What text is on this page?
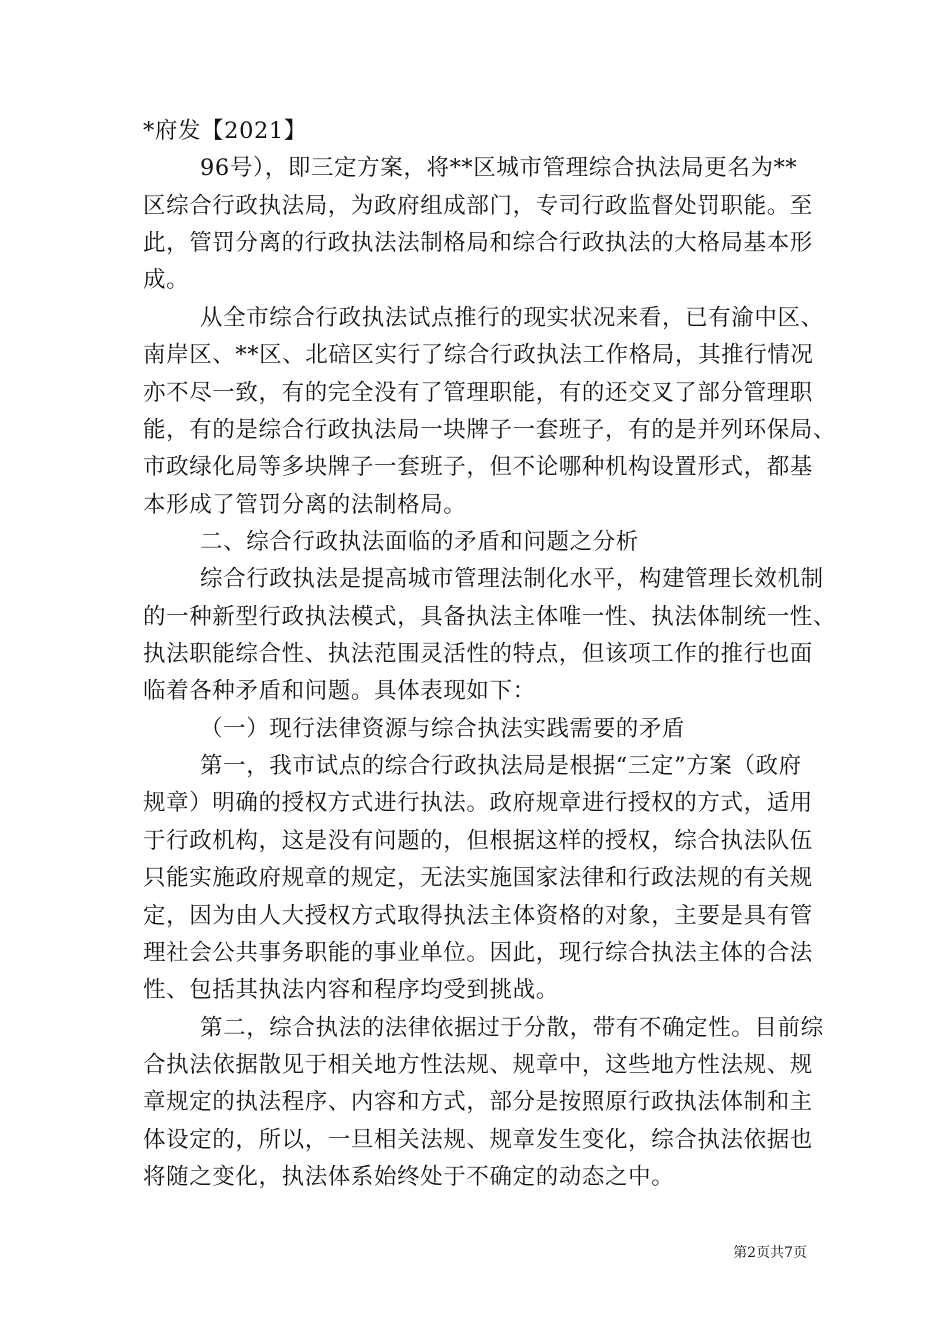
*府发【2021】
96号），即三定方案，将**区城市管理综合执法局更名为**
区综合行政执法局，为政府组成部门，专司行政监督处罚职能。至
此，管罚分离的行政执法法制格局和综合行政执法的大格局基本形
成。
从全市综合行政执法试点推行的现实状况来看，已有渝中区、
南岸区、**区、北碚区实行了综合行政执法工作格局，其推行情况
亦不尽一致，有的完全没有了管理职能，有的还交叉了部分管理职
能，有的是综合行政执法局一块牌子一套班子，有的是并列环保局、
市政绿化局等多块牌子一套班子，但不论哪种机构设置形式，都基
本形成了管罚分离的法制格局。
二、综合行政执法面临的矛盾和问题之分析
综合行政执法是提高城市管理法制化水平，构建管理长效机制
的一种新型行政执法模式，具备执法主体唯一性、执法体制统一性、
执法职能综合性、执法范围灵活性的特点，但该项工作的推行也面
临着各种矛盾和问题。具体表现如下：
（一）现行法律资源与综合执法实践需要的矛盾
第一，我市试点的综合行政执法局是根据“三定”方案（政府
规章）明确的授权方式进行执法。政府规章进行授权的方式，适用
于行政机构，这是没有问题的，但根据这样的授权，综合执法队伍
只能实施政府规章的规定，无法实施国家法律和行政法规的有关规
定，因为由人大授权方式取得执法主体资格的对象，主要是具有管
理社会公共事务职能的事业单位。因此，现行综合执法主体的合法
性、包括其执法内容和程序均受到挑战。
第二，综合执法的法律依据过于分散，带有不确定性。目前综
合执法依据散见于相关地方性法规、规章中，这些地方性法规、规
章规定的执法程序、内容和方式，部分是按照原行政执法体制和主
体设定的，所以，一旦相关法规、规章发生变化，综合执法依据也
将随之变化，执法体系始终处于不确定的动态之中。
第2页共7页
